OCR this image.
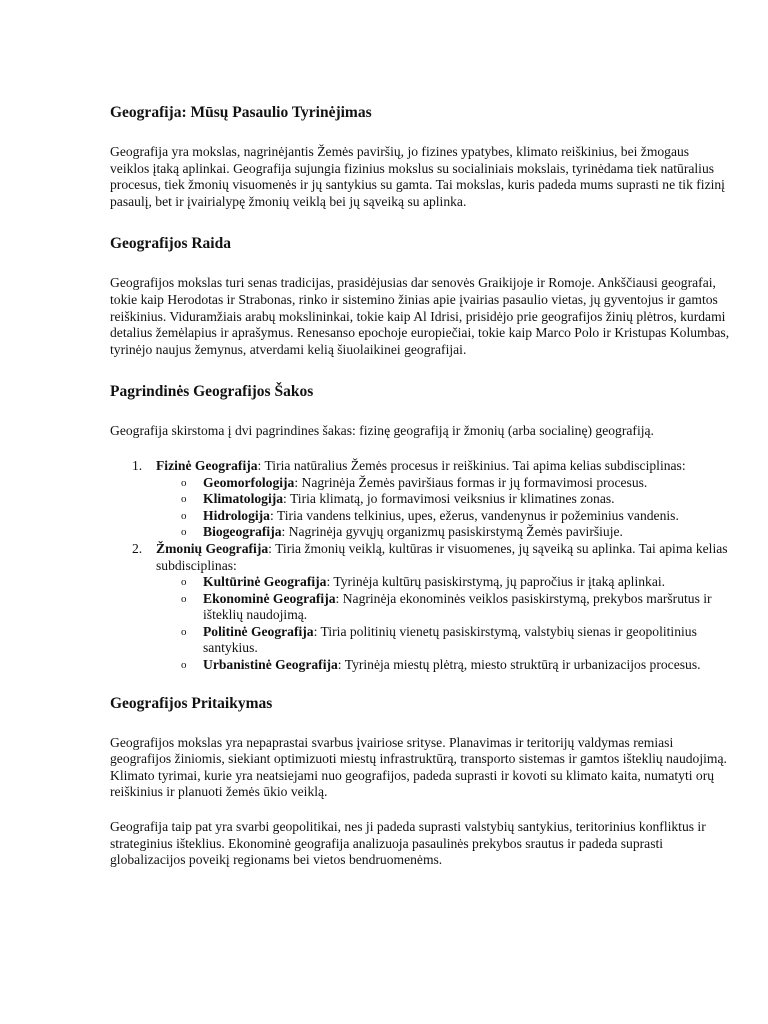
Geografija: Mūsų Pasaulio Tyrinėjimas

Geografija yra mokslas, nagrinėjantis Žemės paviršių, jo fizines ypatybes, klimato reiškinius, bei žmogaus veiklos įtaką aplinkai. Geografija sujungia fizinius mokslus su socialiniais mokslais, tyrinėdama tiek natūralius procesus, tiek žmonių visuomenės ir jų santykius su gamta. Tai mokslas, kuris padeda mums suprasti ne tik fizinį pasaulį, bet ir įvairialypę žmonių veiklą bei jų sąveiką su aplinka.

Geografijos Raida

Geografijos mokslas turi senas tradicijas, prasidėjusias dar senovės Graikijoje ir Romoje. Ankščiausi geografai, tokie kaip Herodotas ir Strabonas, rinko ir sistemino žinias apie įvairias pasaulio vietas, jų gyventojus ir gamtos reiškinius. Viduramžiais arabų mokslininkai, tokie kaip Al Idrisi, prisidėjo prie geografijos žinių plėtros, kurdami detalius žemėlapius ir aprašymus. Renesanso epochoje europiečiai, tokie kaip Marco Polo ir Kristupas Kolumbas, tyrinėjo naujus žemynus, atverdami kelią šiuolaikinei geografijai.

Pagrindinės Geografijos Šakos

Geografija skirstoma į dvi pagrindines šakas: fizinę geografiją ir žmonių (arba socialinę) geografiją.

1. Fizinė Geografija: Tiria natūralius Žemės procesus ir reiškinius. Tai apima kelias subdisciplinas:
o Geomorfologija: Nagrinėja Žemės paviršiaus formas ir jų formavimosi procesus.
o Klimatologija: Tiria klimatą, jo formavimosi veiksnius ir klimatines zonas.
o Hidrologija: Tiria vandens telkinius, upes, ežerus, vandenynus ir požeminius vandenis.
o Biogeografija: Nagrinėja gyvųjų organizmų pasiskirstymą Žemės paviršiuje.
2. Žmonių Geografija: Tiria žmonių veiklą, kultūras ir visuomenes, jų sąveiką su aplinka. Tai apima kelias subdisciplinas:
o Kultūrinė Geografija: Tyrinėja kultūrų pasiskirstymą, jų papročius ir įtaką aplinkai.
o Ekonominė Geografija: Nagrinėja ekonominės veiklos pasiskirstymą, prekybos maršrutus ir išteklių naudojimą.
o Politinė Geografija: Tiria politinių vienetų pasiskirstymą, valstybių sienas ir geopolitinius santykius.
o Urbanistinė Geografija: Tyrinėja miestų plėtrą, miesto struktūrą ir urbanizacijos procesus.
Geografijos Pritaikymas

Geografijos mokslas yra nepaprastai svarbus įvairiose srityse. Planavimas ir teritorijų valdymas remiasi geografijos žiniomis, siekiant optimizuoti miestų infrastruktūrą, transporto sistemas ir gamtos išteklių naudojimą. Klimato tyrimai, kurie yra neatsiejami nuo geografijos, padeda suprasti ir kovoti su klimato kaita, numatyti orų reiškinius ir planuoti žemės ūkio veiklą.

Geografija taip pat yra svarbi geopolitikai, nes ji padeda suprasti valstybių santykius, teritorinius konfliktus ir strateginius išteklius. Ekonominė geografija analizuoja pasaulinės prekybos srautus ir padeda suprasti globalizacijos poveikį regionams bei vietos bendruomenėms.
